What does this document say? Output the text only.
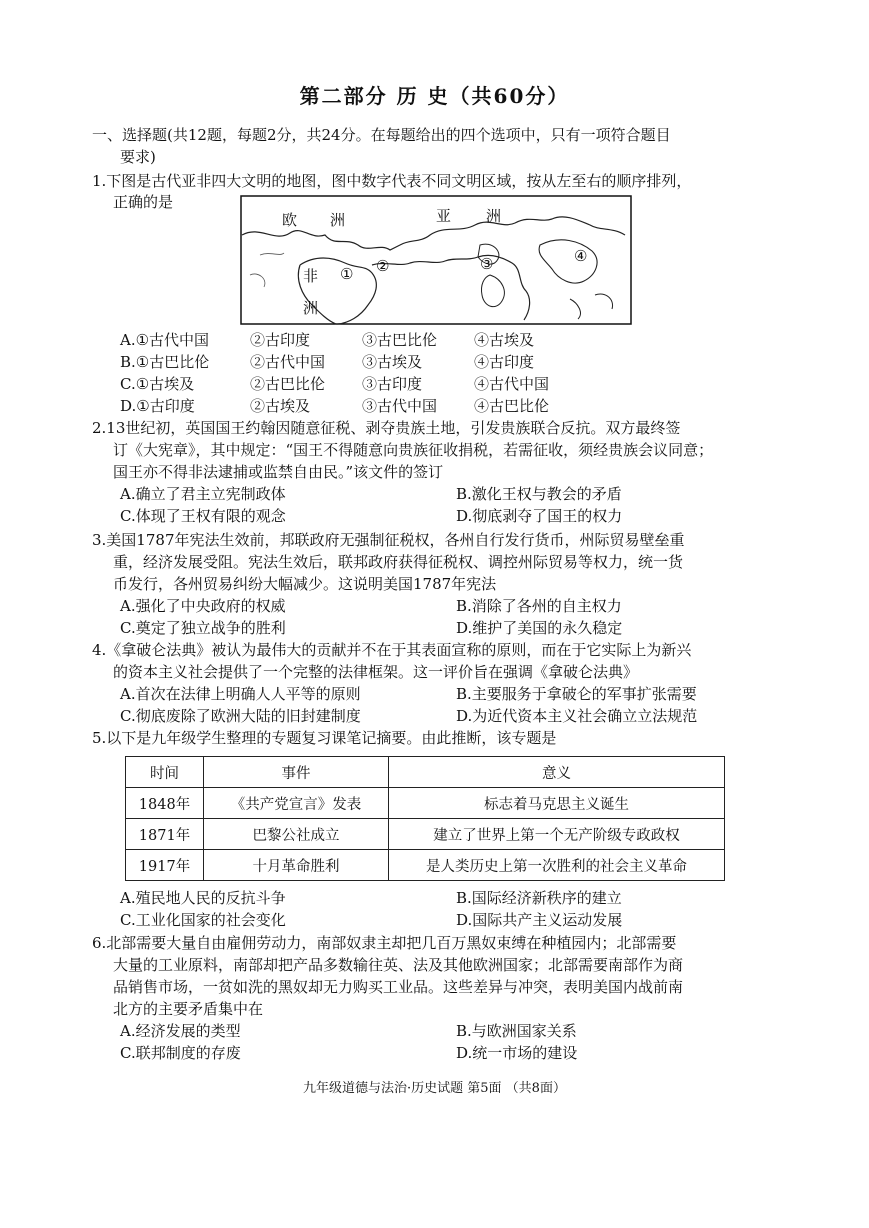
第二部分 历 史（共60分）
一、选择题(共12题，每题2分，共24分。在每题给出的四个选项中，只有一项符合题目
要求)
1.下图是古代亚非四大文明的地图，图中数字代表不同文明区域，按从左至右的顺序排列，
正确的是
欧 洲	亚 洲
非
洲
① ②	③	④
A.①古代中国	②古印度	③古巴比伦 ④古埃及
B.①古巴比伦	②古代中国 ③古埃及	④古印度
C.①古埃及	②古巴比伦 ③古印度	④古代中国
D.①古印度	②古埃及	③古代中国 ④古巴比伦
2.13世纪初，英国国王约翰因随意征税、剥夺贵族土地，引发贵族联合反抗。双方最终签
订《大宪章》，其中规定：“国王不得随意向贵族征收捐税，若需征收，须经贵族会议同意；
国王亦不得非法逮捕或监禁自由民。”该文件的签订
A.确立了君主立宪制政体	B.激化王权与教会的矛盾
C.体现了王权有限的观念	D.彻底剥夺了国王的权力
3.美国1787年宪法生效前，邦联政府无强制征税权，各州自行发行货币，州际贸易壁垒重
重，经济发展受阻。宪法生效后，联邦政府获得征税权、调控州际贸易等权力，统一货
币发行，各州贸易纠纷大幅减少。这说明美国1787年宪法
A.强化了中央政府的权威	B.消除了各州的自主权力
C.奠定了独立战争的胜利	D.维护了美国的永久稳定
4.《拿破仑法典》被认为最伟大的贡献并不在于其表面宣称的原则，而在于它实际上为新兴
的资本主义社会提供了一个完整的法律框架。这一评价旨在强调《拿破仑法典》
A.首次在法律上明确人人平等的原则	B.主要服务于拿破仑的军事扩张需要
C.彻底废除了欧洲大陆的旧封建制度	D.为近代资本主义社会确立立法规范
5.以下是九年级学生整理的专题复习课笔记摘要。由此推断，该专题是
时间	事件	意义
1848年	《共产党宣言》发表	标志着马克思主义诞生
1871年	巴黎公社成立	建立了世界上第一个无产阶级专政政权
1917年	十月革命胜利	是人类历史上第一次胜利的社会主义革命
A.殖民地人民的反抗斗争	B.国际经济新秩序的建立
C.工业化国家的社会变化	D.国际共产主义运动发展
6.北部需要大量自由雇佣劳动力，南部奴隶主却把几百万黑奴束缚在种植园内；北部需要
大量的工业原料，南部却把产品多数输往英、法及其他欧洲国家；北部需要南部作为商
品销售市场，一贫如洗的黑奴却无力购买工业品。这些差异与冲突，表明美国内战前南
北方的主要矛盾集中在
A.经济发展的类型	B.与欧洲国家关系
C.联邦制度的存废	D.统一市场的建设
九年级道德与法治·历史试题 第5面 （共8面）
